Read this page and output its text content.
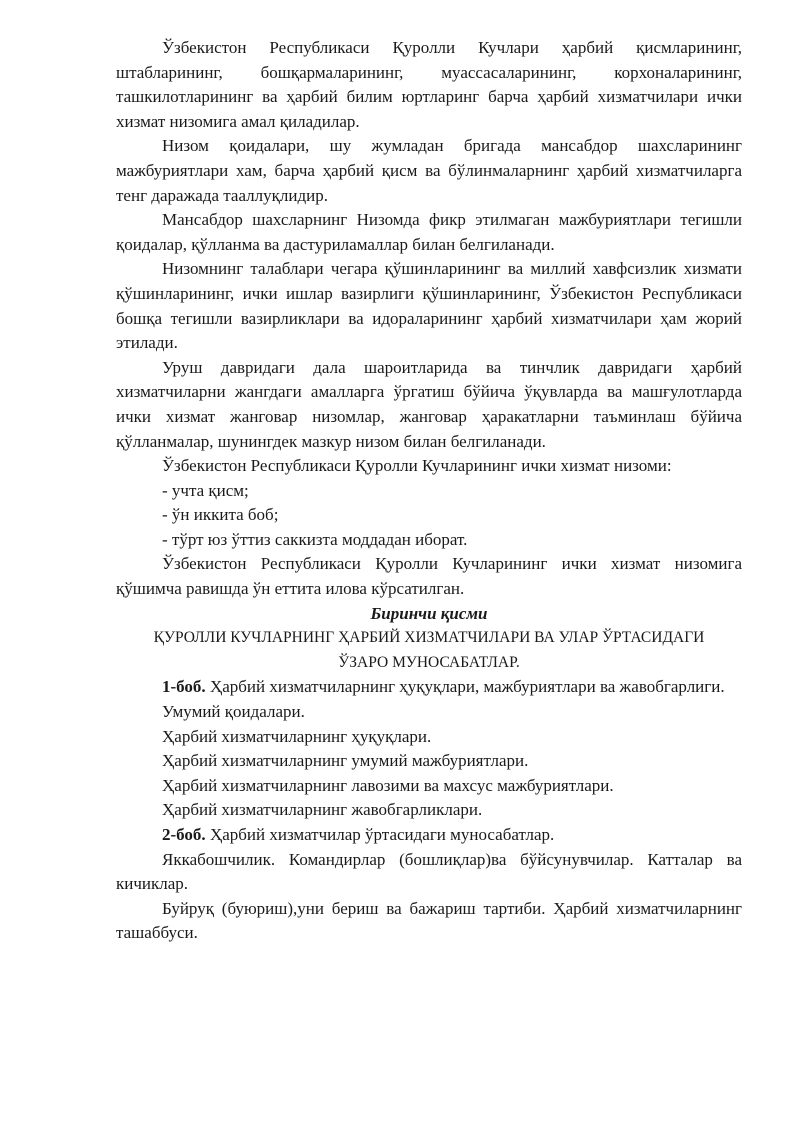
Ўзбекистон Республикаси Қуролли Кучлари ҳарбий қисмларининг, штабларининг, бошқармаларининг, муассасаларининг, корхоналарининг, ташкилотларининг ва ҳарбий билим юртларинг барча ҳарбий хизматчилари ички хизмат низомига амал қиладилар.

Низом қоидалари, шу жумладан бригада мансабдор шахсларининг мажбуриятлари хам, барча ҳарбий қисм ва бўлинмаларнинг ҳарбий хизматчиларга тенг даражада тааллуқлидир.

Мансабдор шахсларнинг Низомда фикр этилмаган мажбуриятлари тегишли қоидалар, қўлланма ва дастуриламаллар билан белгиланади.

Низомнинг талаблари чегара қўшинларининг ва миллий хавфсизлик хизмати қўшинларининг, ички ишлар вазирлиги қўшинларининг, Ўзбекистон Республикаси бошқа тегишли вазирликлари ва идораларининг ҳарбий хизматчилари ҳам жорий этилади.

Уруш давридаги дала шароитларида ва тинчлик давридаги ҳарбий хизматчиларни жангдаги амалларга ўргатиш бўйича ўқувларда ва машғулотларда ички хизмат жанговар низомлар, жанговар ҳаракатларни таъминлаш бўйича қўлланмалар, шунингдек мазкур низом билан белгиланади.

Ўзбекистон Республикаси Қуролли Кучларининг ички хизмат низоми:

- учта қисм;

- ўн иккита боб;

- тўрт юз ўттиз саккизта моддадан иборат.

Ўзбекистон Республикаси Қуролли Кучларининг ички хизмат низомига қўшимча равишда ўн еттита илова кўрсатилган.

Биринчи қисми

ҚУРОЛЛИ КУЧЛАРНИНГ ҲАРБИЙ ХИЗМАТЧИЛАРИ ВА УЛАР ЎРТАСИДАГИ
ЎЗАРО МУНОСАБАТЛАР.

1-боб. Ҳарбий хизматчиларнинг ҳуқуқлари, мажбуриятлари ва жавобгарлиги.

Умумий қоидалари.

Ҳарбий хизматчиларнинг ҳуқуқлари.

Ҳарбий хизматчиларнинг умумий мажбуриятлари.

Ҳарбий хизматчиларнинг лавозими ва махсус мажбуриятлари.

Ҳарбий хизматчиларнинг жавобгарликлари.

2-боб. Ҳарбий хизматчилар ўртасидаги муносабатлар.

Яккабошчилик. Командирлар (бошлиқлар)ва бўйсунувчилар. Катталар ва кичиклар.

Буйруқ (буюриш),уни бериш ва бажариш тартиби. Ҳарбий хизматчиларнинг ташаббуси.
